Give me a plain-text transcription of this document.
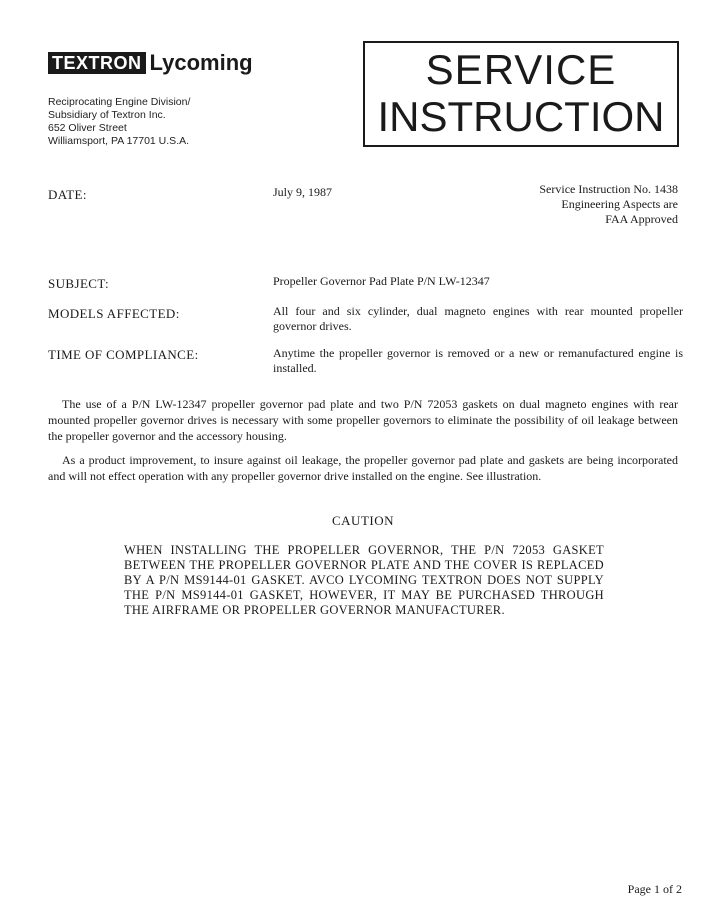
TEXTRON Lycoming
Reciprocating Engine Division/
Subsidiary of Textron Inc.
652 Oliver Street
Williamsport, PA 17701 U.S.A.
SERVICE
INSTRUCTION
DATE:	July 9, 1987	Service Instruction No. 1438
Engineering Aspects are
FAA Approved
SUBJECT:	Propeller Governor Pad Plate P/N LW-12347
MODELS AFFECTED:	All four and six cylinder, dual magneto engines with rear mounted propeller governor drives.
TIME OF COMPLIANCE:	Anytime the propeller governor is removed or a new or remanufactured engine is installed.
The use of a P/N LW-12347 propeller governor pad plate and two P/N 72053 gaskets on dual magneto engines with rear mounted propeller governor drives is necessary with some propeller governors to eliminate the possibility of oil leakage between the propeller governor and the accessory housing.
As a product improvement, to insure against oil leakage, the propeller governor pad plate and gaskets are being incorporated and will not effect operation with any propeller governor drive installed on the engine. See illustration.
CAUTION
WHEN INSTALLING THE PROPELLER GOVERNOR, THE P/N 72053 GASKET BETWEEN THE PROPELLER GOVERNOR PLATE AND THE COVER IS REPLACED BY A P/N MS9144-01 GASKET. AVCO LYCOMING TEXTRON DOES NOT SUPPLY THE P/N MS9144-01 GASKET, HOWEVER, IT MAY BE PURCHASED THROUGH THE AIRFRAME OR PROPELLER GOVERNOR MANUFACTURER.
Page 1 of 2
